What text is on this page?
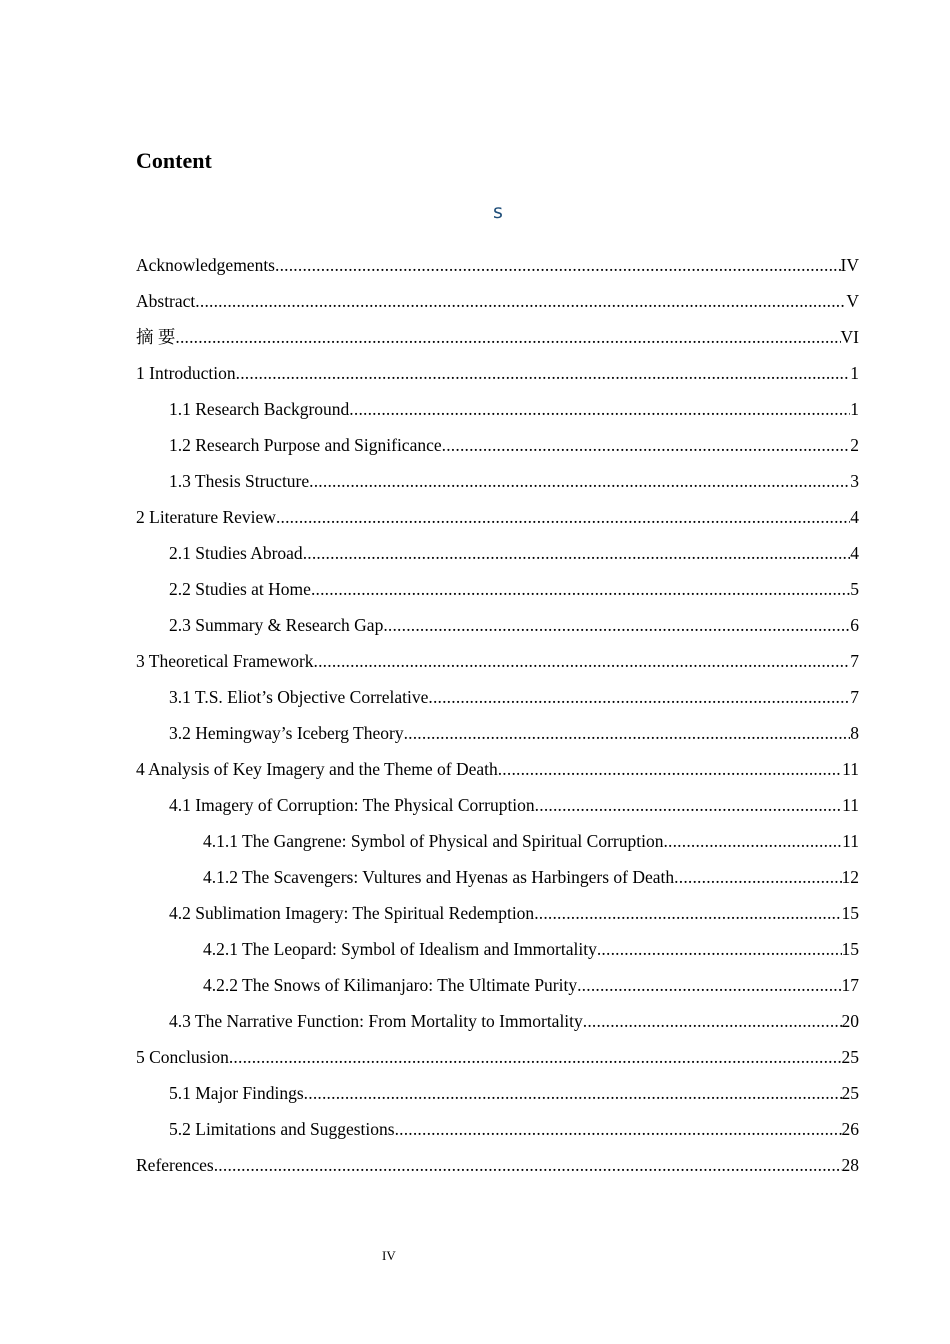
Content
s
Acknowledgements .....	IV
Abstract .....	V
摘 要 .....	VI
1 Introduction .....	1
1.1 Research Background .....	1
1.2 Research Purpose and Significance .....	2
1.3 Thesis Structure .....	3
2 Literature Review .....	4
2.1 Studies Abroad .....	4
2.2 Studies at Home .....	5
2.3 Summary & Research Gap .....	6
3 Theoretical Framework .....	7
3.1 T.S. Eliot’s Objective Correlative .....	7
3.2 Hemingway’s Iceberg Theory .....	8
4 Analysis of Key Imagery and the Theme of Death .....	11
4.1 Imagery of Corruption: The Physical Corruption .....	11
4.1.1 The Gangrene: Symbol of Physical and Spiritual Corruption .....	11
4.1.2 The Scavengers: Vultures and Hyenas as Harbingers of Death .....	12
4.2 Sublimation Imagery: The Spiritual Redemption .....	15
4.2.1 The Leopard: Symbol of Idealism and Immortality .....	15
4.2.2 The Snows of Kilimanjaro: The Ultimate Purity .....	17
4.3 The Narrative Function: From Mortality to Immortality .....	20
5 Conclusion .....	25
5.1 Major Findings .....	25
5.2 Limitations and Suggestions .....	26
References .....	28
IV
